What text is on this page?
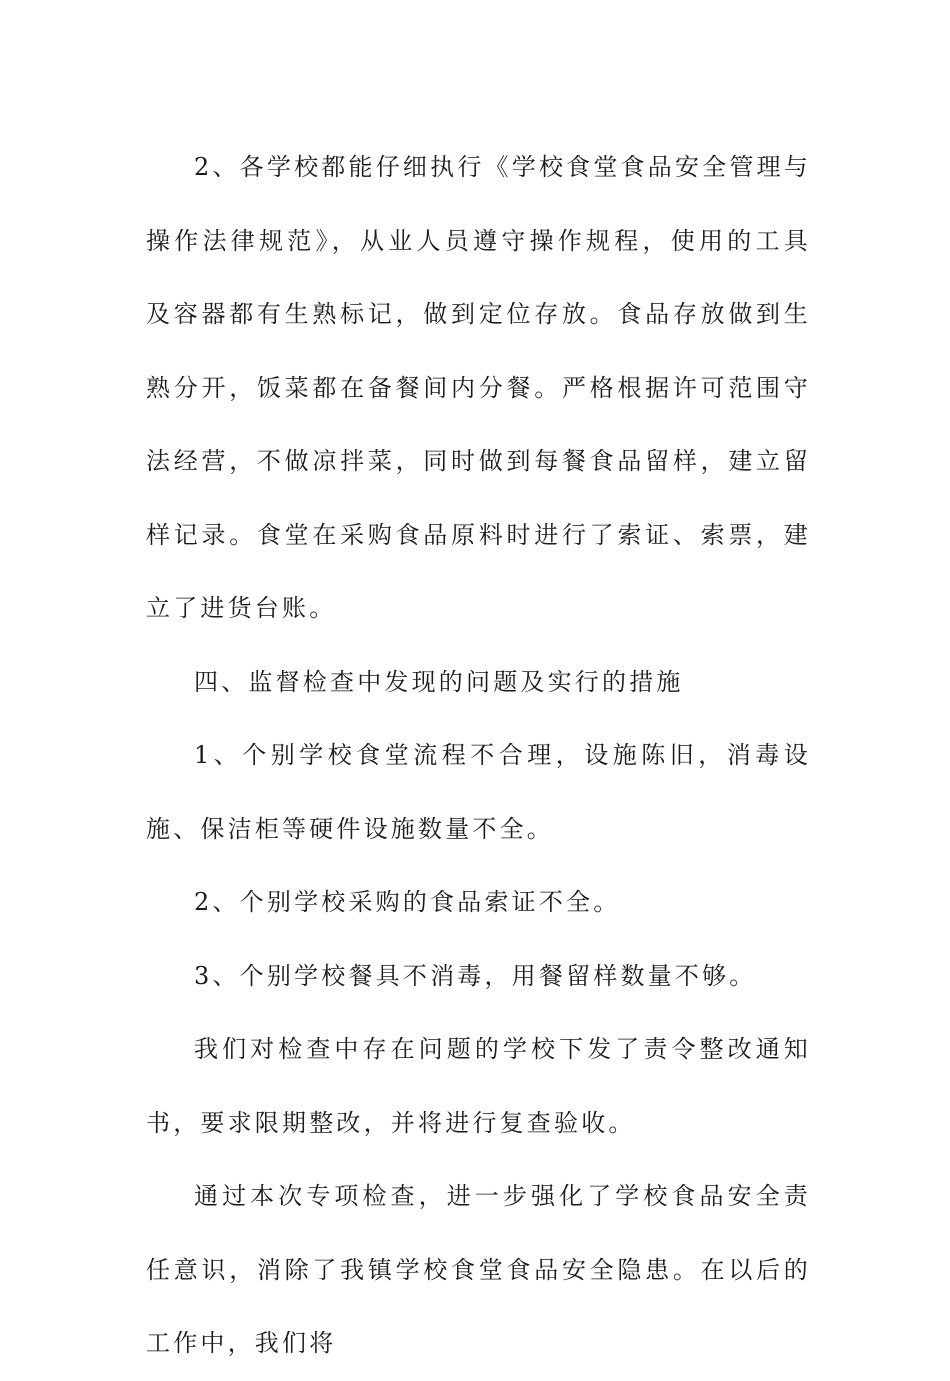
2、各学校都能仔细执行《学校食堂食品安全管理与操作法律规范》，从业人员遵守操作规程，使用的工具及容器都有生熟标记，做到定位存放。食品存放做到生熟分开，饭菜都在备餐间内分餐。严格根据许可范围守法经营，不做凉拌菜，同时做到每餐食品留样，建立留样记录。食堂在采购食品原料时进行了索证、索票，建立了进货台账。

四、监督检查中发现的问题及实行的措施

1、个别学校食堂流程不合理，设施陈旧，消毒设施、保洁柜等硬件设施数量不全。

2、个别学校采购的食品索证不全。

3、个别学校餐具不消毒，用餐留样数量不够。

我们对检查中存在问题的学校下发了责令整改通知书，要求限期整改，并将进行复查验收。

通过本次专项检查，进一步强化了学校食品安全责任意识，消除了我镇学校食堂食品安全隐患。在以后的工作中，我们将
